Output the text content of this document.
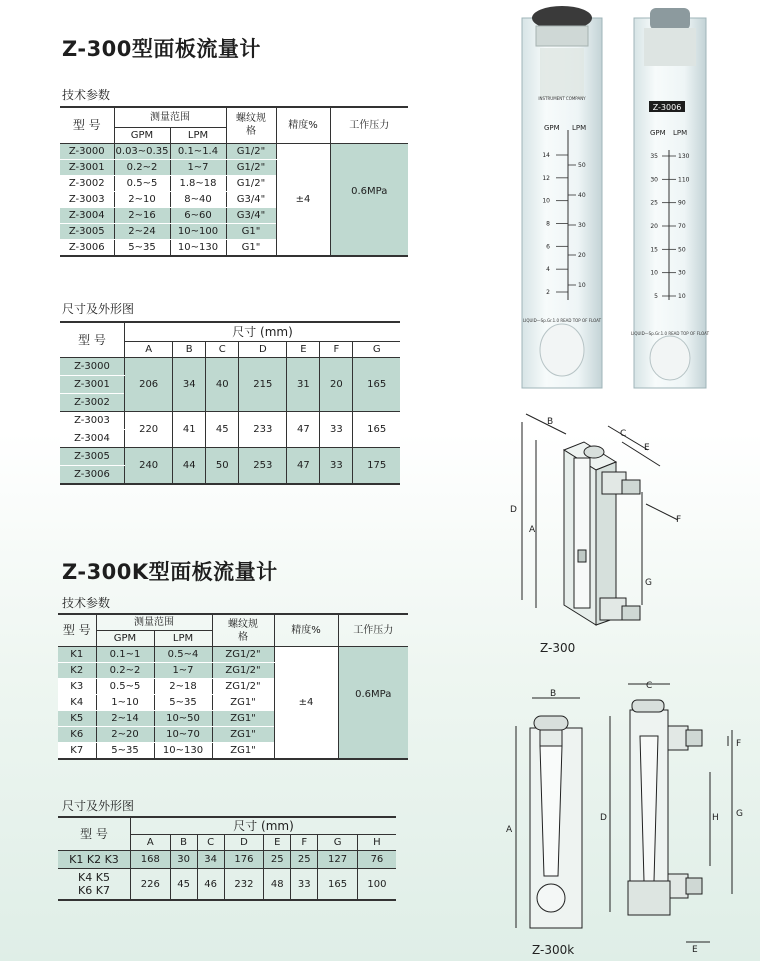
Z-300型面板流量计
技术参数
型 号	测量范围		螺纹规格	精度%	工作压力
	GPM	LPM			
Z-3000	0.03~0.35	0.1~1.4	G1/2"	±4	0.6MPa
Z-3001	0.2~2	1~7	G1/2"		
Z-3002	0.5~5	1.8~18	G1/2"		
Z-3003	2~10	8~40	G3/4"		
Z-3004	2~16	6~60	G3/4"		
Z-3005	2~24	10~100	G1"		
Z-3006	5~35	10~130	G1"		
尺寸及外形图
型 号	尺寸 (mm)						
	A	B	C	D	E	F	G
Z-3000	206	34	40	215	31	20	165
Z-3001							
Z-3002							
Z-3003	220	41	45	233	47	33	165
Z-3004							
Z-3005	240	44	50	253	47	33	175
Z-3006							
Z-300K型面板流量计
技术参数
型 号	测量范围		螺纹规格	精度%	工作压力
	GPM	LPM			
K1	0.1~1	0.5~4	ZG1/2"	±4	0.6MPa
K2	0.2~2	1~7	ZG1/2"		
K3	0.5~5	2~18	ZG1/2"		
K4	1~10	5~35	ZG1"		
K5	2~14	10~50	ZG1"		
K6	2~20	10~70	ZG1"		
K7	5~35	10~130	ZG1"		
尺寸及外形图
型 号	尺寸 (mm)							
	A	B	C	D	E	F	G	H
K1 K2 K3	168	30	34	176	25	25	127	76

K4 K5
K6 K7	226	45	46	232	48	33	165	100
INSTRUMENT COMPANY
GPM LPM
14
12
10
8
6
4
2
50
40
30
20
10
LIQUID—Sp.Gr.1.0 READ TOP OF FLOAT
Z-3006
GPM LPM
35
30
25
20
15
10
5
130
110
90
70
50
30
10
LIQUID—Sp.Gr.1.0 READ TOP OF FLOAT
B
C
E
D
A
F
G
Z-300
B
C
F
A
D	H G
E
Z-300k
